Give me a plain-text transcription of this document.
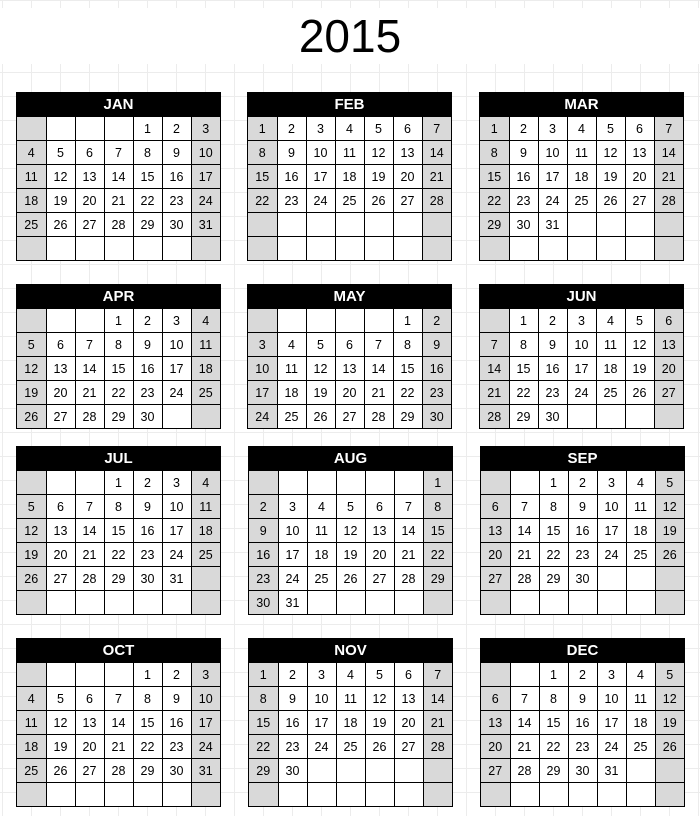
2015
JAN
				1	2	3
4	5	6	7	8	9	10
11	12	13	14	15	16	17
18	19	20	21	22	23	24
25	26	27	28	29	30	31

FEB
1	2	3	4	5	6	7
8	9	10	11	12	13	14
15	16	17	18	19	20	21
22	23	24	25	26	27	28

MAR
1	2	3	4	5	6	7
8	9	10	11	12	13	14
15	16	17	18	19	20	21
22	23	24	25	26	27	28
29	30	31				

APR
			1	2	3	4
5	6	7	8	9	10	11
12	13	14	15	16	17	18
19	20	21	22	23	24	25
26	27	28	29	30		
MAY
					1	2
3	4	5	6	7	8	9
10	11	12	13	14	15	16
17	18	19	20	21	22	23
24	25	26	27	28	29	30
JUN
	1	2	3	4	5	6
7	8	9	10	11	12	13
14	15	16	17	18	19	20
21	22	23	24	25	26	27
28	29	30				
JUL
			1	2	3	4
5	6	7	8	9	10	11
12	13	14	15	16	17	18
19	20	21	22	23	24	25
26	27	28	29	30	31	

AUG
						1
2	3	4	5	6	7	8
9	10	11	12	13	14	15
16	17	18	19	20	21	22
23	24	25	26	27	28	29
30	31					
SEP
		1	2	3	4	5
6	7	8	9	10	11	12
13	14	15	16	17	18	19
20	21	22	23	24	25	26
27	28	29	30			

OCT
				1	2	3
4	5	6	7	8	9	10
11	12	13	14	15	16	17
18	19	20	21	22	23	24
25	26	27	28	29	30	31

NOV
1	2	3	4	5	6	7
8	9	10	11	12	13	14
15	16	17	18	19	20	21
22	23	24	25	26	27	28
29	30					

DEC
		1	2	3	4	5
6	7	8	9	10	11	12
13	14	15	16	17	18	19
20	21	22	23	24	25	26
27	28	29	30	31		
